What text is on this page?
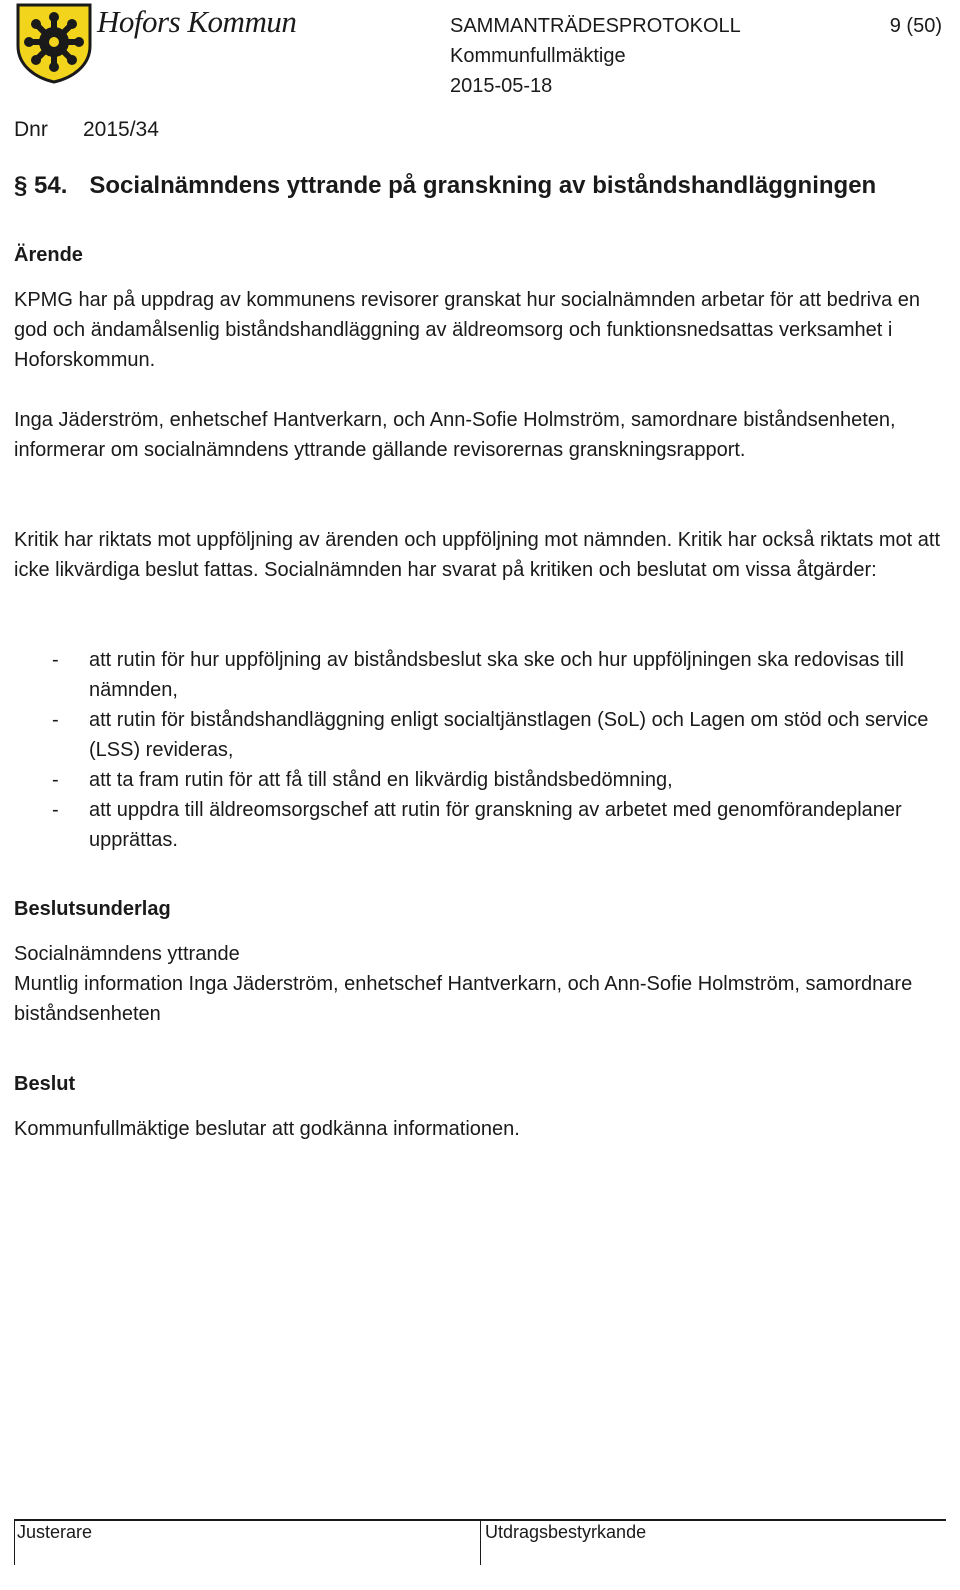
Hofors Kommun	SAMMANTRÄDESPROTOKOLL	9 (50)
Kommunfullmäktige
2015-05-18
Dnr 2015/34
§ 54. Socialnämndens yttrande på granskning av biståndshandläggningen
Ärende
KPMG har på uppdrag av kommunens revisorer granskat hur socialnämnden arbetar för att bedriva en god och ändamålsenlig biståndshandläggning av äldreomsorg och funktionsnedsattas verksamhet i Hoforskommun.
Inga Jäderström, enhetschef Hantverkarn, och Ann-Sofie Holmström, samordnare biståndsenheten, informerar om socialnämndens yttrande gällande revisorernas granskningsrapport.
Kritik har riktats mot uppföljning av ärenden och uppföljning mot nämnden. Kritik har också riktats mot att icke likvärdiga beslut fattas. Socialnämnden har svarat på kritiken och beslutat om vissa åtgärder:
- att rutin för hur uppföljning av biståndsbeslut ska ske och hur uppföljningen ska redovisas till nämnden,
- att rutin för biståndshandläggning enligt socialtjänstlagen (SoL) och Lagen om stöd och service (LSS) revideras,
- att ta fram rutin för att få till stånd en likvärdig biståndsbedömning,
- att uppdra till äldreomsorgschef att rutin för granskning av arbetet med genomförandeplaner upprättas.
Beslutsunderlag
Socialnämndens yttrande
Muntlig information Inga Jäderström, enhetschef Hantverkarn, och Ann-Sofie Holmström, samordnare biståndsenheten
Beslut
Kommunfullmäktige beslutar att godkänna informationen.
Justerare	Utdragsbestyrkande
